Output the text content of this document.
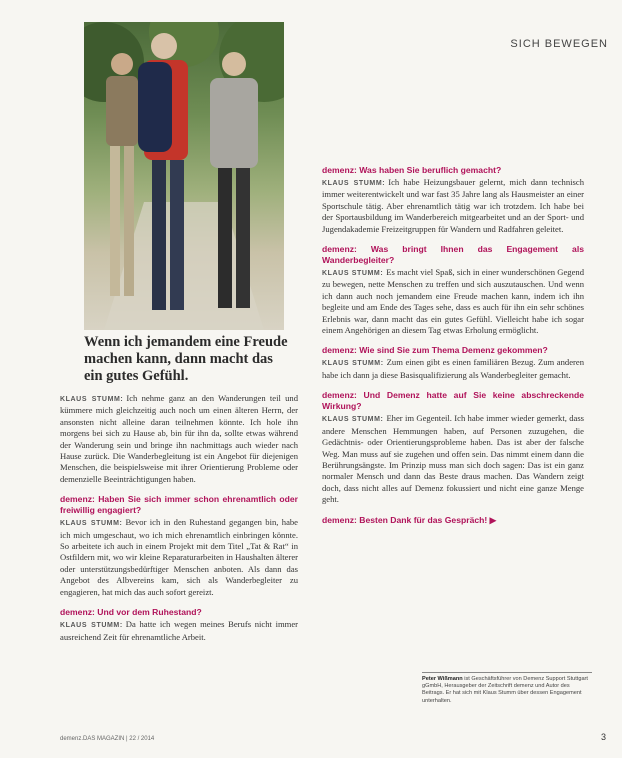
SICH BEWEGEN
Wenn ich jemandem eine Freude machen kann, dann macht das ein gutes Gefühl.
KLAUS STUMM: Ich nehme ganz an den Wanderungen teil und kümmere mich gleichzeitig auch noch um einen älteren Herrn, der ansonsten nicht alleine daran teilnehmen könnte. Ich hole ihn morgens bei sich zu Hause ab, bin für ihn da, sollte etwas während der Wanderung sein und bringe ihn nachmittags auch wieder nach Hause zurück. Die Wanderbegleitung ist ein Angebot für diejenigen Menschen, die beispielsweise mit ihrer Orientierung Probleme oder demenzielle Beeinträchtigungen haben.
demenz: Haben Sie sich immer schon ehrenamtlich oder freiwillig engagiert?
KLAUS STUMM: Bevor ich in den Ruhestand gegangen bin, habe ich mich umgeschaut, wo ich mich ehrenamtlich einbringen könnte. So arbeitete ich auch in einem Projekt mit dem Titel „Tat & Rat“ in Ostfildern mit, wo wir kleine Reparaturarbeiten in Haushalten älterer oder unterstützungsbedürftiger Menschen anboten. Als dann das Angebot des Albvereins kam, sich als Wanderbegleiter zu engagieren, hat mich das auch sofort gereizt.
demenz: Und vor dem Ruhestand?
KLAUS STUMM: Da hatte ich wegen meines Berufs nicht immer ausreichend Zeit für ehrenamtliche Arbeit.
demenz: Was haben Sie beruflich gemacht?
KLAUS STUMM: Ich habe Heizungsbauer gelernt, mich dann technisch immer weiterentwickelt und war fast 35 Jahre lang als Hausmeister an einer Sportschule tätig. Aber ehrenamtlich tätig war ich trotzdem. Ich habe bei der Sportausbildung im Wanderbereich mitgearbeitet und an der Sport- und Jugendakademie Freizeitgruppen für Wandern und Radfahren geleitet.
demenz: Was bringt Ihnen das Engagement als Wanderbegleiter?
KLAUS STUMM: Es macht viel Spaß, sich in einer wunderschönen Gegend zu bewegen, nette Menschen zu treffen und sich auszutauschen. Und wenn ich dann auch noch jemandem eine Freude machen kann, indem ich ihn begleite und am Ende des Tages sehe, dass es auch für ihn ein sehr schönes Erlebnis war, dann macht das ein gutes Gefühl. Vielleicht habe ich sogar einem Angehörigen an diesem Tag etwas Erholung ermöglicht.
demenz: Wie sind Sie zum Thema Demenz gekommen?
KLAUS STUMM: Zum einen gibt es einen familiären Bezug. Zum anderen habe ich dann ja diese Basisqualifizierung als Wanderbegleiter gemacht.
demenz: Und Demenz hatte auf Sie keine abschreckende Wirkung?
KLAUS STUMM: Eher im Gegenteil. Ich habe immer wieder gemerkt, dass andere Menschen Hemmungen haben, auf Personen zuzugehen, die Gedächtnis- oder Orientierungsprobleme haben. Das ist aber der falsche Weg. Man muss auf sie zugehen und offen sein. Das nimmt einem dann die Berührungsängste. Im Prinzip muss man sich doch sagen: Das ist ein ganz normaler Mensch und dann das Beste draus machen. Das Wandern zeigt doch, dass nicht alles auf Demenz fokussiert und nicht eine ganze Menge geht.
demenz: Besten Dank für das Gespräch! ▶
Peter Wißmann ist Geschäftsführer von Demenz Support Stuttgart gGmbH, Herausgeber der Zeitschrift demenz und Autor des Beitrags. Er hat sich mit Klaus Stumm über dessen Engagement unterhalten.
demenz.DAS MAGAZIN | 22 / 2014	3
